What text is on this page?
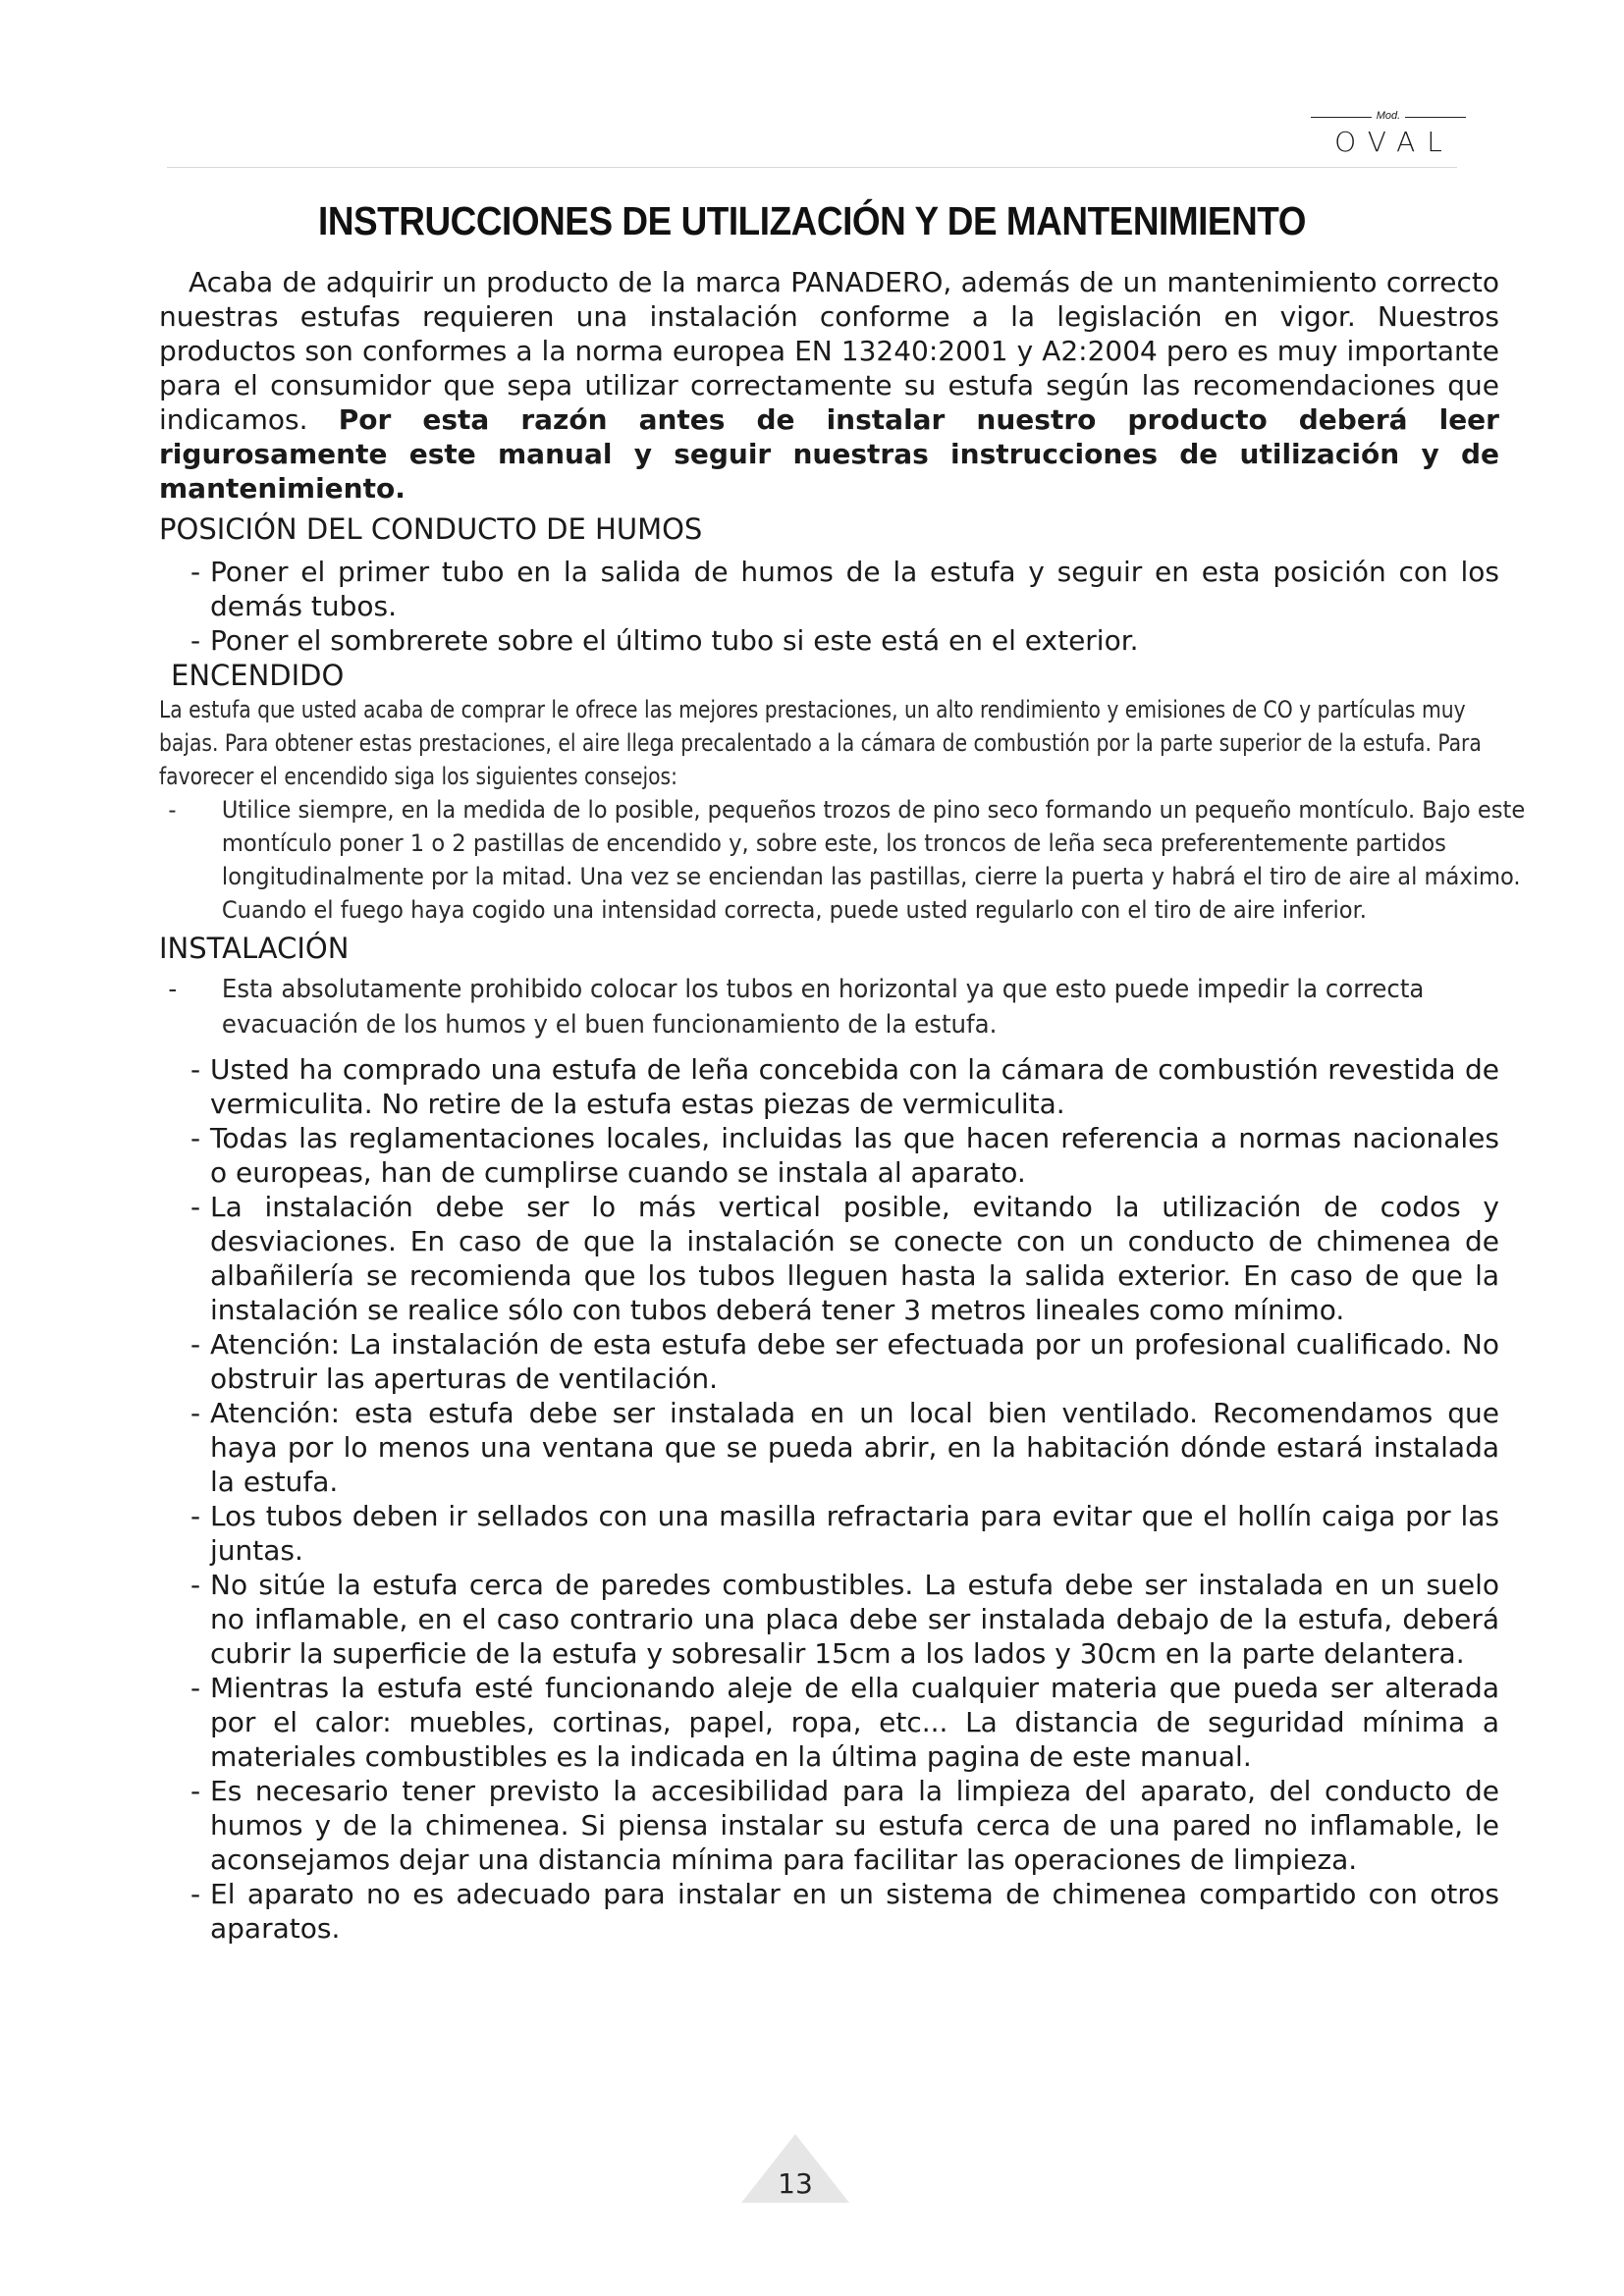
Mod.
OVAL
INSTRUCCIONES DE UTILIZACIÓN Y DE MANTENIMIENTO

Acaba de adquirir un producto de la marca PANADERO, además de un mantenimiento correcto nuestras estufas requieren una instalación conforme a la legislación en vigor. Nuestros productos son conformes a la norma europea EN 13240:2001 y A2:2004 pero es muy importante para el consumidor que sepa utilizar correctamente su estufa según las recomendaciones que indicamos. Por esta razón antes de instalar nuestro producto deberá leer rigurosamente este manual y seguir nuestras instrucciones de utilización y de mantenimiento.

POSICIÓN DEL CONDUCTO DE HUMOS

- Poner el primer tubo en la salida de humos de la estufa y seguir en esta posición con los demás tubos.
- Poner el sombrerete sobre el último tubo si este está en el exterior.

ENCENDIDO

La estufa que usted acaba de comprar le ofrece las mejores prestaciones, un alto rendimiento y emisiones de CO y partículas muy bajas. Para obtener estas prestaciones, el aire llega precalentado a la cámara de combustión por la parte superior de la estufa. Para favorecer el encendido siga los siguientes consejos:

- Utilice siempre, en la medida de lo posible, pequeños trozos de pino seco formando un pequeño montículo. Bajo este montículo poner 1 o 2 pastillas de encendido y, sobre este, los troncos de leña seca preferentemente partidos longitudinalmente por la mitad. Una vez se enciendan las pastillas, cierre la puerta y habrá el tiro de aire al máximo.

Cuando el fuego haya cogido una intensidad correcta, puede usted regularlo con el tiro de aire inferior.

INSTALACIÓN

- Esta absolutamente prohibido colocar los tubos en horizontal ya que esto puede impedir la correcta evacuación de los humos y el buen funcionamiento de la estufa.
- Usted ha comprado una estufa de leña concebida con la cámara de combustión revestida de vermiculita. No retire de la estufa estas piezas de vermiculita.
- Todas las reglamentaciones locales, incluidas las que hacen referencia a normas nacionales o europeas, han de cumplirse cuando se instala al aparato.
- La instalación debe ser lo más vertical posible, evitando la utilización de codos y desviaciones. En caso de que la instalación se conecte con un conducto de chimenea de albañilería se recomienda que los tubos lleguen hasta la salida exterior. En caso de que la instalación se realice sólo con tubos deberá tener 3 metros lineales como mínimo.
- Atención: La instalación de esta estufa debe ser efectuada por un profesional cualificado. No obstruir las aperturas de ventilación.
- Atención: esta estufa debe ser instalada en un local bien ventilado. Recomendamos que haya por lo menos una ventana que se pueda abrir, en la habitación dónde estará instalada la estufa.
- Los tubos deben ir sellados con una masilla refractaria para evitar que el hollín caiga por las juntas.
- No sitúe la estufa cerca de paredes combustibles. La estufa debe ser instalada en un suelo no inflamable, en el caso contrario una placa debe ser instalada debajo de la estufa, deberá cubrir la superficie de la estufa y sobresalir 15cm a los lados y 30cm en la parte delantera.
- Mientras la estufa esté funcionando aleje de ella cualquier materia que pueda ser alterada por el calor: muebles, cortinas, papel, ropa, etc... La distancia de seguridad mínima a materiales combustibles es la indicada en la última pagina de este manual.
- Es necesario tener previsto la accesibilidad para la limpieza del aparato, del conducto de humos y de la chimenea. Si piensa instalar su estufa cerca de una pared no inflamable, le aconsejamos dejar una distancia mínima para facilitar las operaciones de limpieza.
- El aparato no es adecuado para instalar en un sistema de chimenea compartido con otros aparatos.
13
